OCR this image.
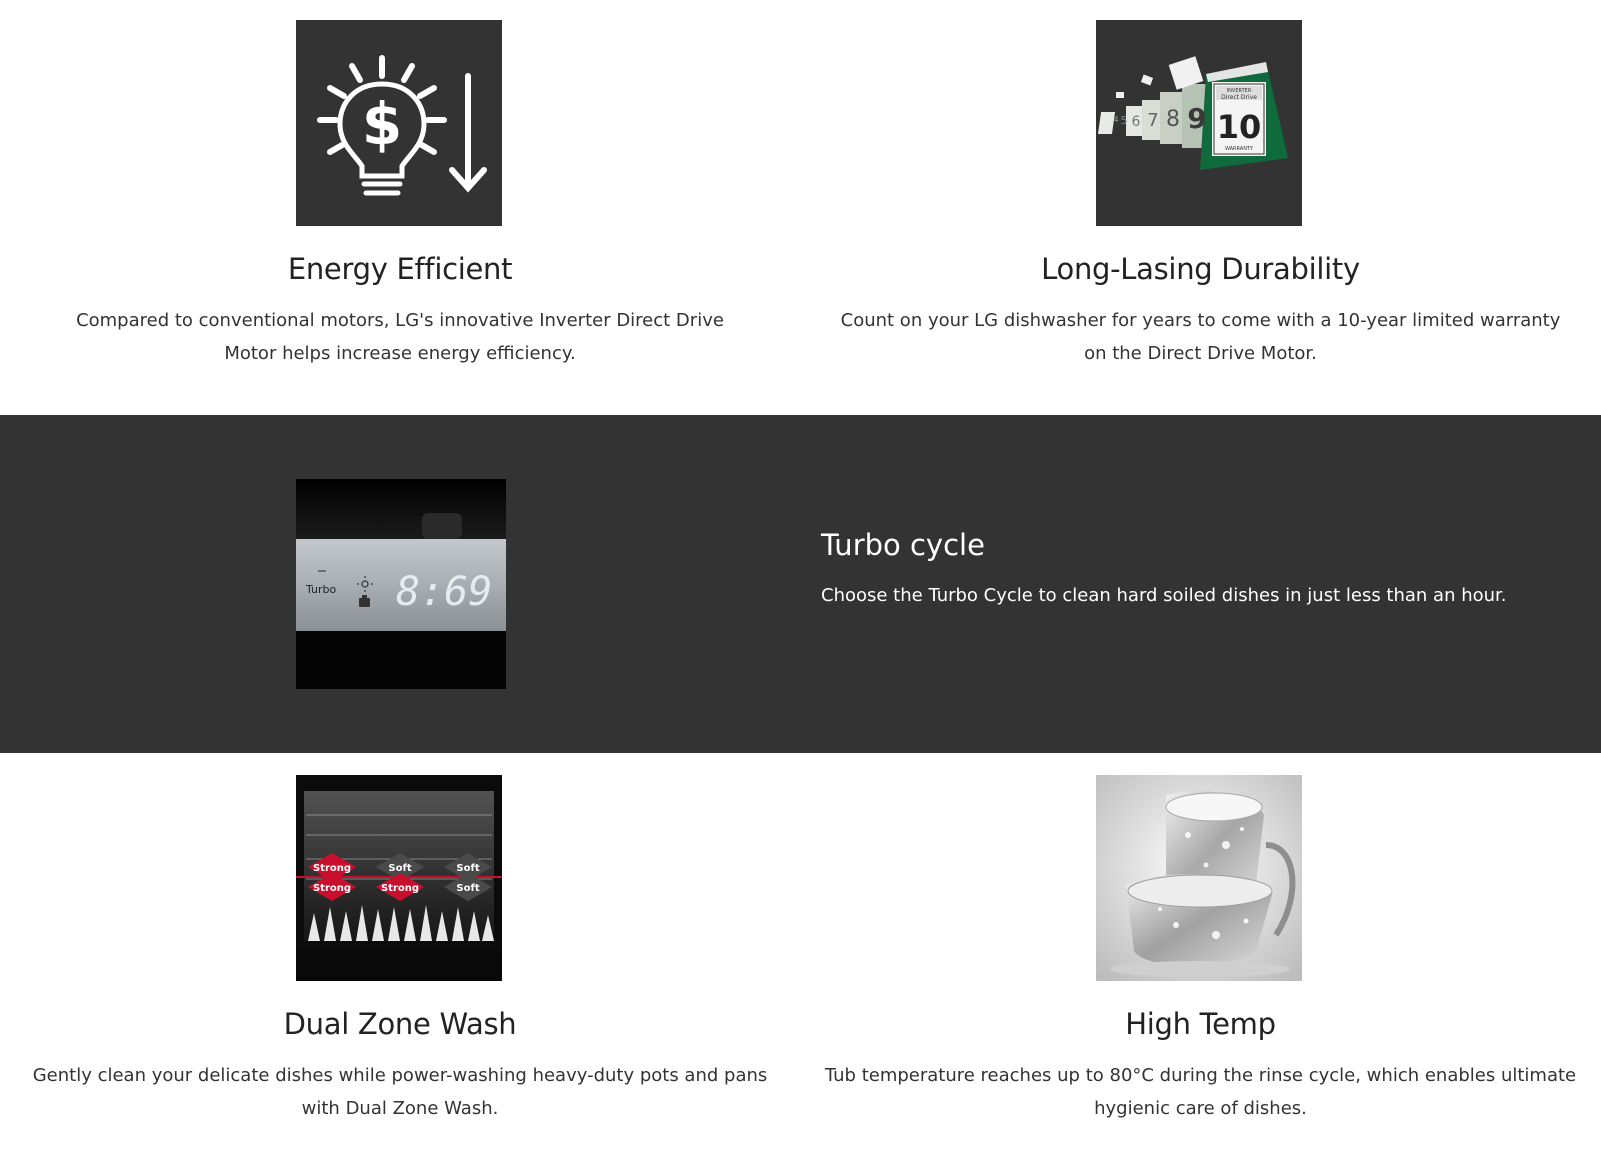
$
Energy Efficient

Compared to conventional motors, LG's innovative Inverter Direct Drive Motor helps increase energy efficiency.

INVERTER
Direct Drive
10
WARRANTY
9
8
7
6
5
4
Long-Lasing Durability

Count on your LG dishwasher for years to come with a 10-year limited warranty on the Direct Drive Motor.

Turbo 8:69
Turbo cycle

Choose the Turbo Cycle to clean hard soiled dishes in just less than an hour.

Strong	Soft	Soft
Strong	Strong	Soft
Dual Zone Wash

Gently clean your delicate dishes while power-washing heavy-duty pots and pans with Dual Zone Wash.

High Temp

Tub temperature reaches up to 80°C during the rinse cycle, which enables ultimate hygienic care of dishes.
